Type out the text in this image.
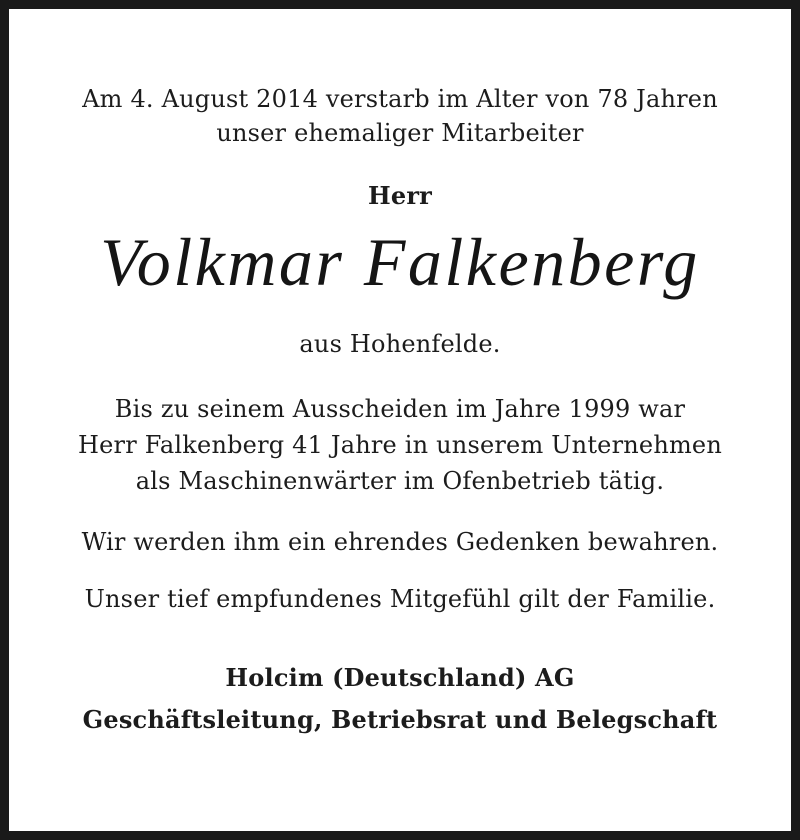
Am 4. August 2014 verstarb im Alter von 78 Jahren
unser ehemaliger Mitarbeiter
Herr
Volkmar Falkenberg
aus Hohenfelde.
Bis zu seinem Ausscheiden im Jahre 1999 war
Herr Falkenberg 41 Jahre in unserem Unternehmen
als Maschinenwärter im Ofenbetrieb tätig.
Wir werden ihm ein ehrendes Gedenken bewahren.
Unser tief empfundenes Mitgefühl gilt der Familie.
Holcim (Deutschland) AG
Geschäftsleitung, Betriebsrat und Belegschaft
